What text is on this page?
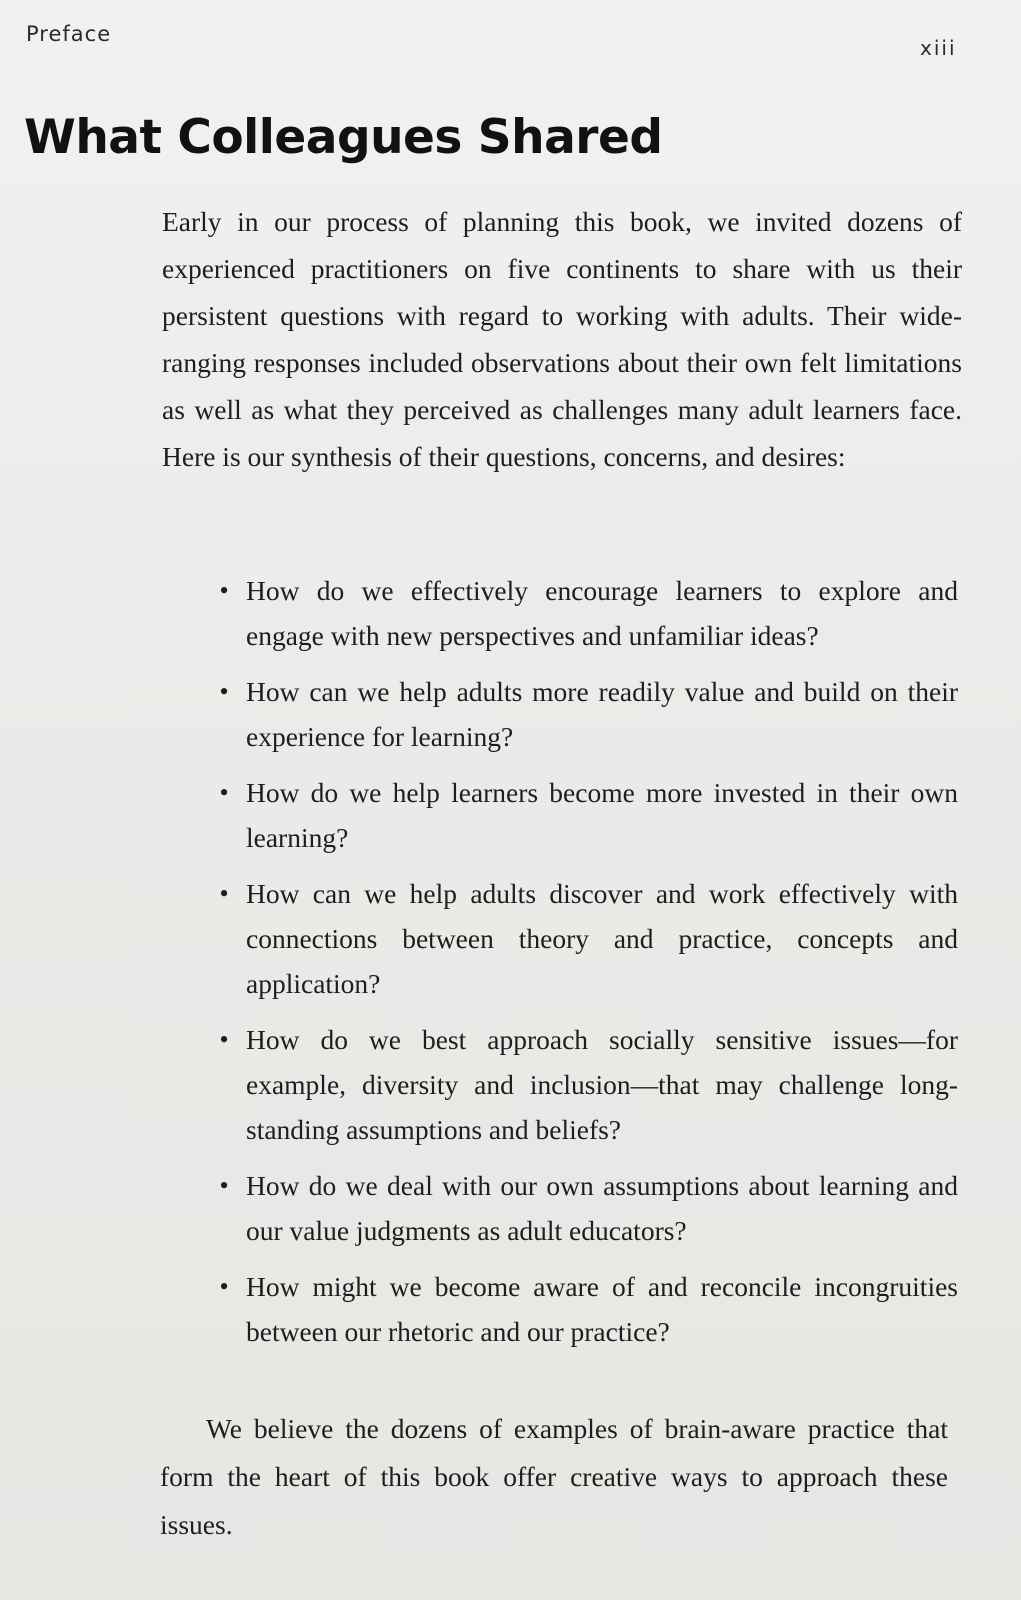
Preface
xiii
What Colleagues Shared

Early in our process of planning this book, we invited dozens of experienced practitioners on five continents to share with us their persistent questions with regard to working with adults. Their wide-ranging responses included observations about their own felt limitations as well as what they perceived as challenges many adult learners face. Here is our synthesis of their questions, concerns, and desires:

• How do we effectively encourage learners to explore and engage with new perspectives and unfamiliar ideas?
• How can we help adults more readily value and build on their experience for learning?
• How do we help learners become more invested in their own learning?
• How can we help adults discover and work effectively with connections between theory and practice, concepts and application?
• How do we best approach socially sensitive issues—for example, diversity and inclusion—that may challenge long-standing assumptions and beliefs?
• How do we deal with our own assumptions about learning and our value judgments as adult educators?
• How might we become aware of and reconcile incongruities between our rhetoric and our practice?

We believe the dozens of examples of brain-aware practice that form the heart of this book offer creative ways to approach these issues.
